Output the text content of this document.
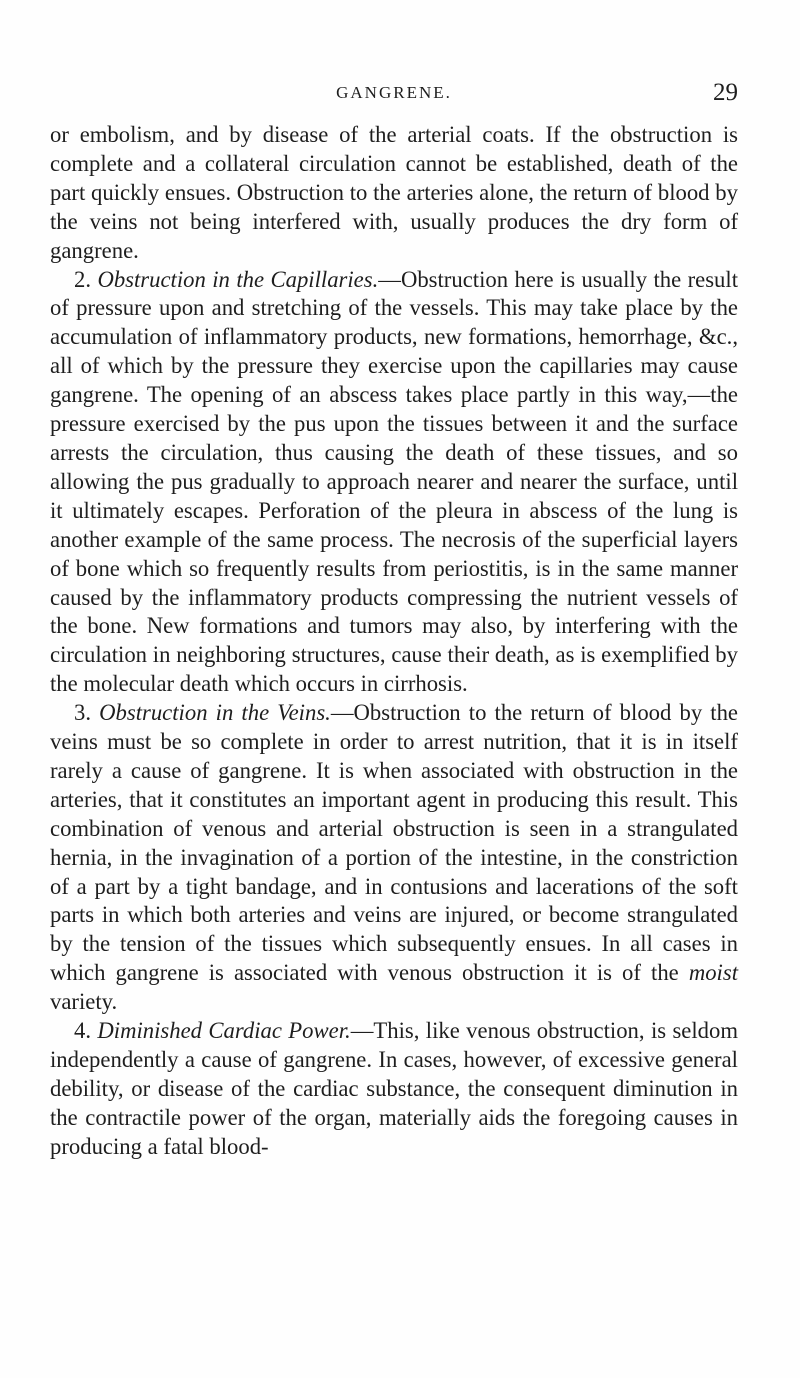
GANGRENE.	29

or embolism, and by disease of the arterial coats. If the obstruction is complete and a collateral circulation cannot be established, death of the part quickly ensues. Obstruction to the arteries alone, the return of blood by the veins not being interfered with, usually produces the dry form of gangrene.

2. Obstruction in the Capillaries.—Obstruction here is usually the result of pressure upon and stretching of the vessels. This may take place by the accumulation of inflammatory products, new formations, hemorrhage, &c., all of which by the pressure they exercise upon the capillaries may cause gangrene. The opening of an abscess takes place partly in this way,—the pressure exercised by the pus upon the tissues between it and the surface arrests the circulation, thus causing the death of these tissues, and so allowing the pus gradually to approach nearer and nearer the surface, until it ultimately escapes. Perforation of the pleura in abscess of the lung is another example of the same process. The necrosis of the superficial layers of bone which so frequently results from periostitis, is in the same manner caused by the inflammatory products compressing the nutrient vessels of the bone. New formations and tumors may also, by interfering with the circulation in neighboring structures, cause their death, as is exemplified by the molecular death which occurs in cirrhosis.

3. Obstruction in the Veins.—Obstruction to the return of blood by the veins must be so complete in order to arrest nutrition, that it is in itself rarely a cause of gangrene. It is when associated with obstruction in the arteries, that it constitutes an important agent in producing this result. This combination of venous and arterial obstruction is seen in a strangulated hernia, in the invagination of a portion of the intestine, in the constriction of a part by a tight bandage, and in contusions and lacerations of the soft parts in which both arteries and veins are injured, or become strangulated by the tension of the tissues which subsequently ensues. In all cases in which gangrene is associated with venous obstruction it is of the moist variety.

4. Diminished Cardiac Power.—This, like venous obstruction, is seldom independently a cause of gangrene. In cases, however, of excessive general debility, or disease of the cardiac substance, the consequent diminution in the contractile power of the organ, materially aids the foregoing causes in producing a fatal blood-
